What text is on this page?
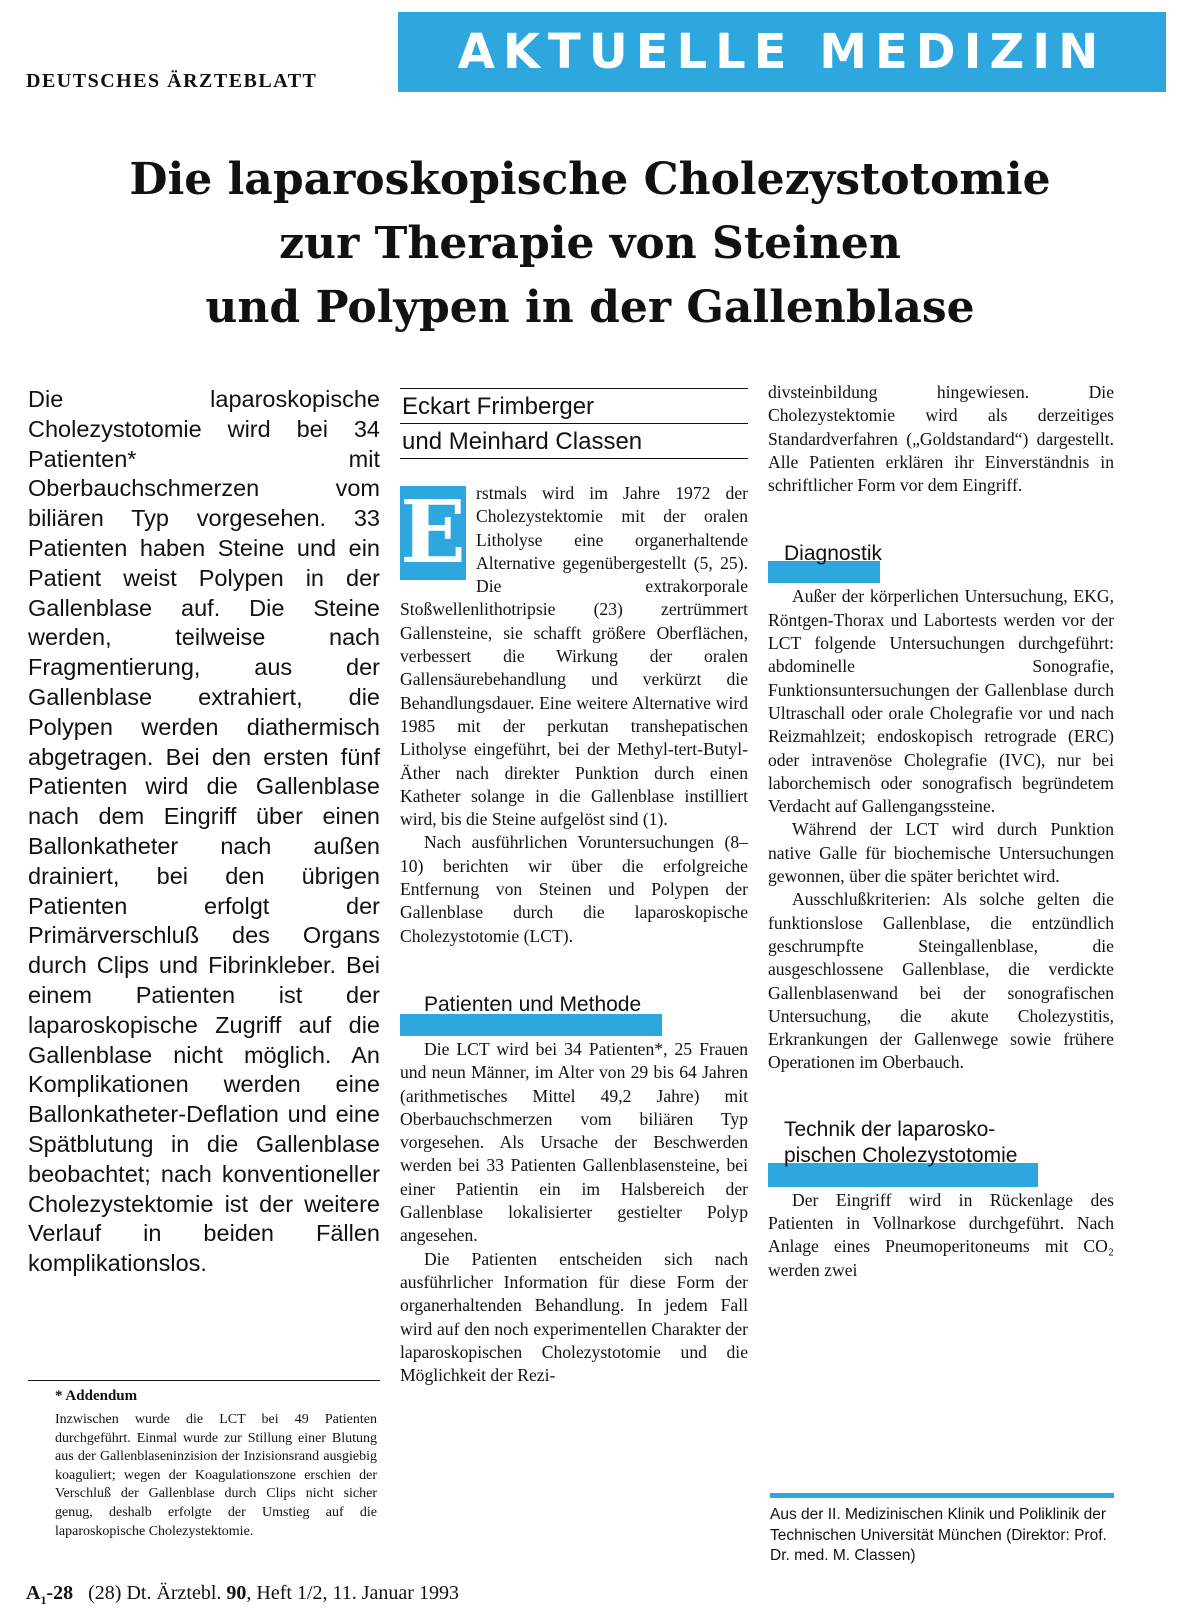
DEUTSCHES ÄRZTEBLATT
AKTUELLE MEDIZIN
Die laparoskopische Cholezystotomie
zur Therapie von Steinen
und Polypen in der Gallenblase
Die laparoskopische Cholezystotomie wird bei 34 Patienten* mit Oberbauchschmerzen vom biliären Typ vorgesehen. 33 Patienten haben Steine und ein Patient weist Polypen in der Gallenblase auf. Die Steine werden, teilweise nach Fragmentierung, aus der Gallenblase extrahiert, die Polypen werden diathermisch abgetragen. Bei den ersten fünf Patienten wird die Gallenblase nach dem Eingriff über einen Ballonkatheter nach außen drainiert, bei den übrigen Patienten erfolgt der Primärverschluß des Organs durch Clips und Fibrinkleber. Bei einem Patienten ist der laparoskopische Zugriff auf die Gallenblase nicht möglich. An Komplikationen werden eine Ballonkatheter-Deflation und eine Spätblutung in die Gallenblase beobachtet; nach konventioneller Cholezystektomie ist der weitere Verlauf in beiden Fällen komplikationslos.
* Addendum
Inzwischen wurde die LCT bei 49 Patienten durchgeführt. Einmal wurde zur Stillung einer Blutung aus der Gallenblaseninzision der Inzisionsrand ausgiebig koaguliert; wegen der Koagulationszone erschien der Verschluß der Gallenblase durch Clips nicht sicher genug, deshalb erfolgte der Umstieg auf die laparoskopische Cholezystektomie.
Eckart Frimberger
und Meinhard Classen
E rstmals wird im Jahre 1972 der Cholezystektomie mit der oralen Litholyse eine organerhaltende Alternative gegenübergestellt (5, 25). Die extrakorporale Stoßwellenlithotripsie (23) zertrümmert Gallensteine, sie schafft größere Oberflächen, verbessert die Wirkung der oralen Gallensäurebehandlung und verkürzt die Behandlungsdauer. Eine weitere Alternative wird 1985 mit der perkutan transhepatischen Litholyse eingeführt, bei der Methyl-tert-Butyl-Äther nach direkter Punktion durch einen Katheter solange in die Gallenblase instilliert wird, bis die Steine aufgelöst sind (1).

Nach ausführlichen Voruntersuchungen (8–10) berichten wir über die erfolgreiche Entfernung von Steinen und Polypen der Gallenblase durch die laparoskopische Cholezystotomie (LCT).

Patienten und Methode

Die LCT wird bei 34 Patienten*, 25 Frauen und neun Männer, im Alter von 29 bis 64 Jahren (arithmetisches Mittel 49,2 Jahre) mit Oberbauchschmerzen vom biliären Typ vorgesehen. Als Ursache der Beschwerden werden bei 33 Patienten Gallenblasensteine, bei einer Patientin ein im Halsbereich der Gallenblase lokalisierter gestielter Polyp angesehen.

Die Patienten entscheiden sich nach ausführlicher Information für diese Form der organerhaltenden Behandlung. In jedem Fall wird auf den noch experimentellen Charakter der laparoskopischen Cholezystotomie und die Möglichkeit der Rezi-

divsteinbildung hingewiesen. Die Cholezystektomie wird als derzeitiges Standardverfahren („Goldstandard“) dargestellt. Alle Patienten erklären ihr Einverständnis in schriftlicher Form vor dem Eingriff.

Diagnostik

Außer der körperlichen Untersuchung, EKG, Röntgen-Thorax und Labortests werden vor der LCT folgende Untersuchungen durchgeführt: abdominelle Sonografie, Funktionsuntersuchungen der Gallenblase durch Ultraschall oder orale Cholegrafie vor und nach Reizmahlzeit; endoskopisch retrograde (ERC) oder intravenöse Cholegrafie (IVC), nur bei laborchemisch oder sonografisch begründetem Verdacht auf Gallengangssteine.

Während der LCT wird durch Punktion native Galle für biochemische Untersuchungen gewonnen, über die später berichtet wird.

Ausschlußkriterien: Als solche gelten die funktionslose Gallenblase, die entzündlich geschrumpfte Steingallenblase, die ausgeschlossene Gallenblase, die verdickte Gallenblasenwand bei der sonografischen Untersuchung, die akute Cholezystitis, Erkrankungen der Gallenwege sowie frühere Operationen im Oberbauch.

Technik der laparosko-
pischen Cholezystotomie

Der Eingriff wird in Rückenlage des Patienten in Vollnarkose durchgeführt. Nach Anlage eines Pneumoperitoneums mit CO₂ werden zwei

Aus der II. Medizinischen Klinik und Poliklinik der Technischen Universität München (Direktor: Prof. Dr. med. M. Classen)
$A_1-28$ (28) Dt. Ärztebl. 90, Heft 1/2, 11. Januar 1993
